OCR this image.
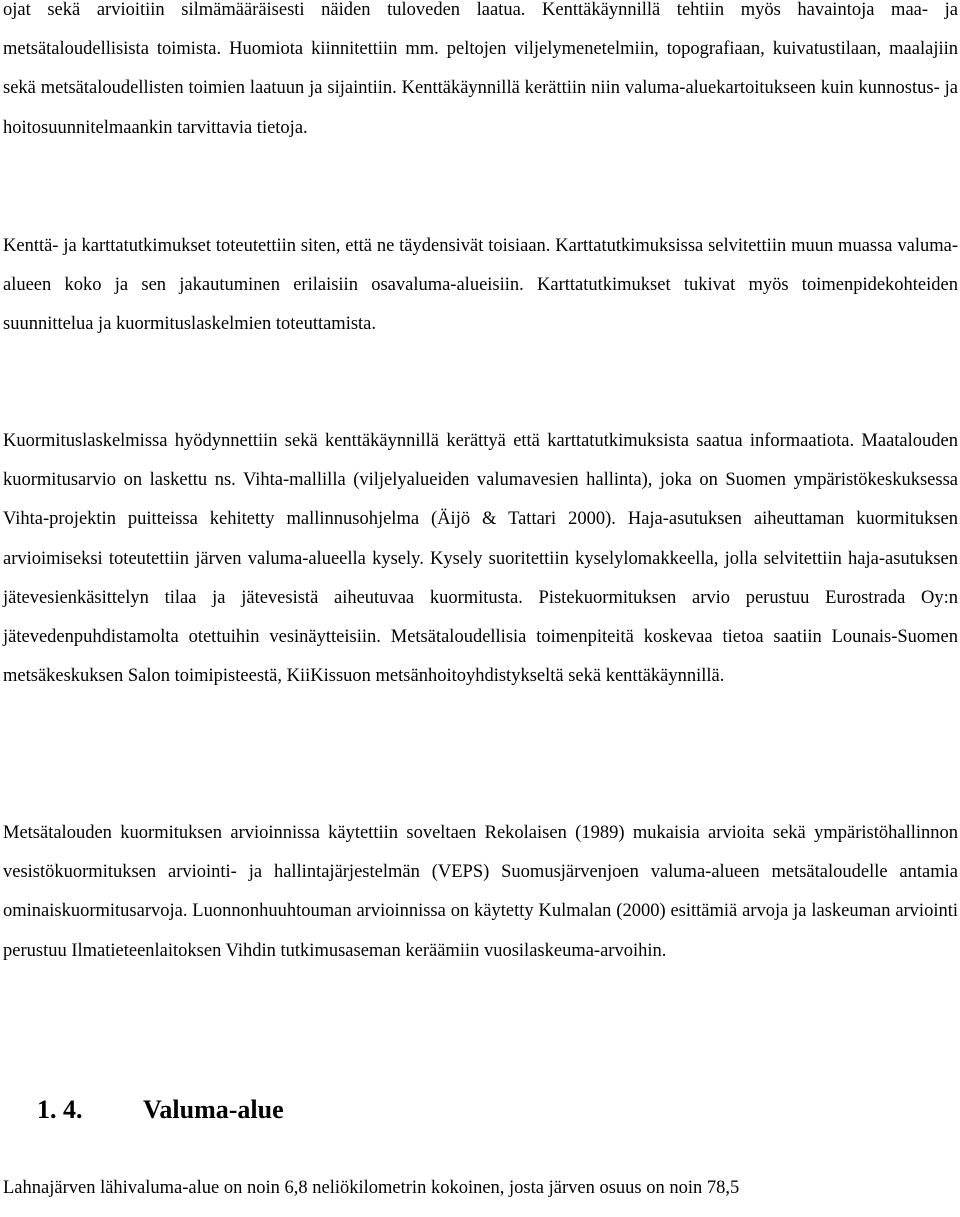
ojat sekä arvioitiin silmämääräisesti näiden tuloveden laatua. Kenttäkäynnillä tehtiin myös havaintoja maa- ja metsätaloudellisista toimista. Huomiota kiinnitettiin mm. peltojen viljelymenetelmiin, topografiaan, kuivatustilaan, maalajiin sekä metsätaloudellisten toimien laatuun ja sijaintiin. Kenttäkäynnillä kerättiin niin valuma-aluekartoitukseen kuin kunnostus- ja hoitosuunnitelmaankin tarvittavia tietoja.

Kenttä- ja karttatutkimukset toteutettiin siten, että ne täydensivät toisiaan. Karttatutkimuksissa selvitettiin muun muassa valuma-alueen koko ja sen jakautuminen erilaisiin osavaluma-alueisiin. Karttatutkimukset tukivat myös toimenpidekohteiden suunnittelua ja kuormituslaskelmien toteuttamista.

Kuormituslaskelmissa hyödynnettiin sekä kenttäkäynnillä kerättyä että karttatutkimuksista saatua informaatiota. Maatalouden kuormitusarvio on laskettu ns. Vihta-mallilla (viljelyalueiden valumavesien hallinta), joka on Suomen ympäristökeskuksessa Vihta-projektin puitteissa kehitetty mallinnusohjelma (Äijö & Tattari 2000). Haja-asutuksen aiheuttaman kuormituksen arvioimiseksi toteutettiin järven valuma-alueella kysely. Kysely suoritettiin kyselylomakkeella, jolla selvitettiin haja-asutuksen jätevesienkäsittelyn tilaa ja jätevesistä aiheutuvaa kuormitusta. Pistekuormituksen arvio perustuu Eurostrada Oy:n jätevedenpuhdistamolta otettuihin vesinäytteisiin. Metsätaloudellisia toimenpiteitä koskevaa tietoa saatiin Lounais-Suomen metsäkeskuksen Salon toimipisteestä, KiiKissuon metsänhoitoyhdistykseltä sekä kenttäkäynnillä.

Metsätalouden kuormituksen arvioinnissa käytettiin soveltaen Rekolaisen (1989) mukaisia arvioita sekä ympäristöhallinnon vesistökuormituksen arviointi- ja hallintajärjestelmän (VEPS) Suomusjärvenjoen valuma-alueen metsätaloudelle antamia ominaiskuormitusarvoja. Luonnonhuuhtouman arvioinnissa on käytetty Kulmalan (2000) esittämiä arvoja ja laskeuman arviointi perustuu Ilmatieteenlaitoksen Vihdin tutkimusaseman keräämiin vuosilaskeuma-arvoihin.

1. 4. Valuma-alue

Lahnajärven lähivaluma-alue on noin 6,8 neliökilometrin kokoinen, josta järven osuus on noin 78,5
